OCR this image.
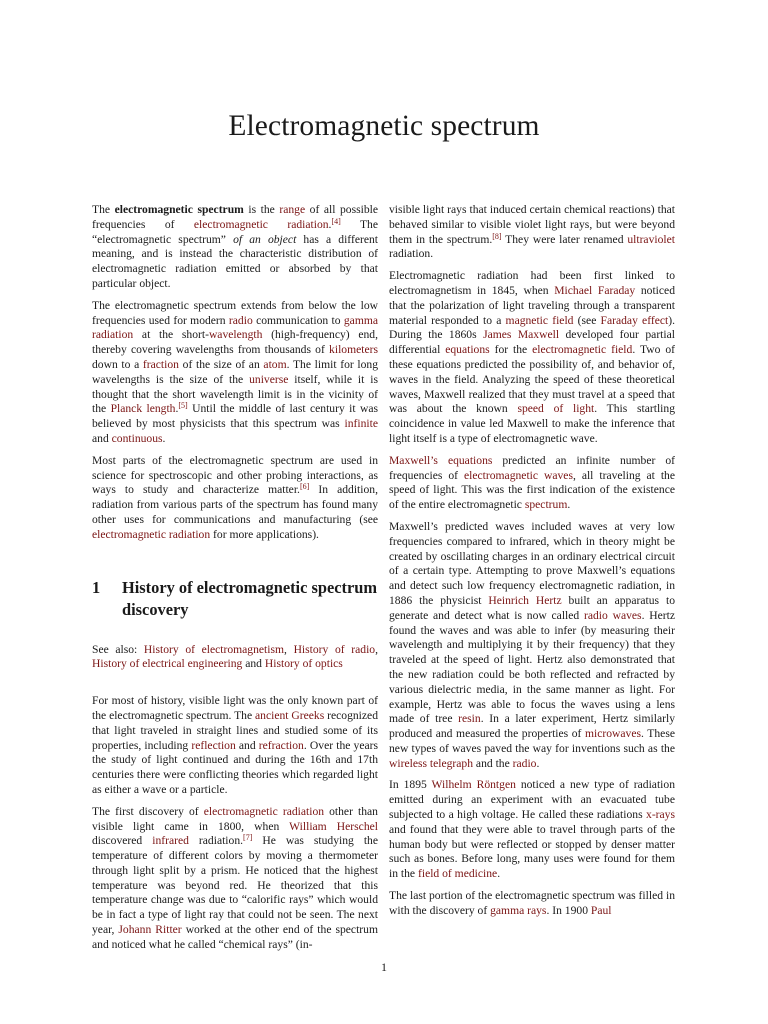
Electromagnetic spectrum

The electromagnetic spectrum is the range of all possible frequencies of electromagnetic radiation.[4] The “electromagnetic spectrum” of an object has a different meaning, and is instead the characteristic distribution of electromagnetic radiation emitted or absorbed by that particular object.

The electromagnetic spectrum extends from below the low frequencies used for modern radio communication to gamma radiation at the short-wavelength (high-frequency) end, thereby covering wavelengths from thousands of kilometers down to a fraction of the size of an atom. The limit for long wavelengths is the size of the universe itself, while it is thought that the short wavelength limit is in the vicinity of the Planck length.[5] Until the middle of last century it was believed by most physicists that this spectrum was infinite and continuous.

Most parts of the electromagnetic spectrum are used in science for spectroscopic and other probing interactions, as ways to study and characterize matter.[6] In addition, radiation from various parts of the spectrum has found many other uses for communications and manufacturing (see electromagnetic radiation for more applications).

1 History of electromagnetic spectrum discovery

See also: History of electromagnetism, History of radio, History of electrical engineering and History of optics

For most of history, visible light was the only known part of the electromagnetic spectrum. The ancient Greeks recognized that light traveled in straight lines and studied some of its properties, including reflection and refraction. Over the years the study of light continued and during the 16th and 17th centuries there were conflicting theories which regarded light as either a wave or a particle.

The first discovery of electromagnetic radiation other than visible light came in 1800, when William Herschel discovered infrared radiation.[7] He was studying the temperature of different colors by moving a thermometer through light split by a prism. He noticed that the highest temperature was beyond red. He theorized that this temperature change was due to “calorific rays” which would be in fact a type of light ray that could not be seen. The next year, Johann Ritter worked at the other end of the spectrum and noticed what he called “chemical rays” (in-

visible light rays that induced certain chemical reactions) that behaved similar to visible violet light rays, but were beyond them in the spectrum.[8] They were later renamed ultraviolet radiation.

Electromagnetic radiation had been first linked to electromagnetism in 1845, when Michael Faraday noticed that the polarization of light traveling through a transparent material responded to a magnetic field (see Faraday effect). During the 1860s James Maxwell developed four partial differential equations for the electromagnetic field. Two of these equations predicted the possibility of, and behavior of, waves in the field. Analyzing the speed of these theoretical waves, Maxwell realized that they must travel at a speed that was about the known speed of light. This startling coincidence in value led Maxwell to make the inference that light itself is a type of electromagnetic wave.

Maxwell’s equations predicted an infinite number of frequencies of electromagnetic waves, all traveling at the speed of light. This was the first indication of the existence of the entire electromagnetic spectrum.

Maxwell’s predicted waves included waves at very low frequencies compared to infrared, which in theory might be created by oscillating charges in an ordinary electrical circuit of a certain type. Attempting to prove Maxwell’s equations and detect such low frequency electromagnetic radiation, in 1886 the physicist Heinrich Hertz built an apparatus to generate and detect what is now called radio waves. Hertz found the waves and was able to infer (by measuring their wavelength and multiplying it by their frequency) that they traveled at the speed of light. Hertz also demonstrated that the new radiation could be both reflected and refracted by various dielectric media, in the same manner as light. For example, Hertz was able to focus the waves using a lens made of tree resin. In a later experiment, Hertz similarly produced and measured the properties of microwaves. These new types of waves paved the way for inventions such as the wireless telegraph and the radio.

In 1895 Wilhelm Röntgen noticed a new type of radiation emitted during an experiment with an evacuated tube subjected to a high voltage. He called these radiations x-rays and found that they were able to travel through parts of the human body but were reflected or stopped by denser matter such as bones. Before long, many uses were found for them in the field of medicine.

The last portion of the electromagnetic spectrum was filled in with the discovery of gamma rays. In 1900 Paul

1
